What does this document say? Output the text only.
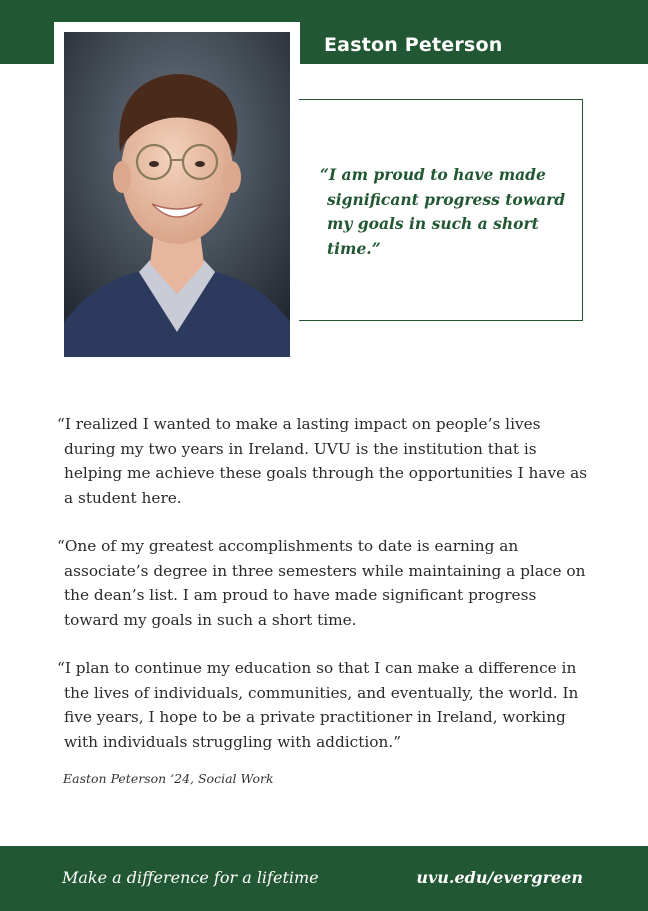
Easton Peterson
“I am proud to have made significant progress toward my goals in such a short time.”

“I realized I wanted to make a lasting impact on people’s lives during my two years in Ireland. UVU is the institution that is helping me achieve these goals through the opportunities I have as a student here.

“One of my greatest accomplishments to date is earning an associate’s degree in three semesters while maintaining a place on the dean’s list. I am proud to have made significant progress toward my goals in such a short time.

“I plan to continue my education so that I can make a difference in the lives of individuals, communities, and eventually, the world. In five years, I hope to be a private practitioner in Ireland, working with individuals struggling with addiction.”

Easton Peterson ‘24, Social Work
Make a difference for a lifetime	uvu.edu/evergreen
